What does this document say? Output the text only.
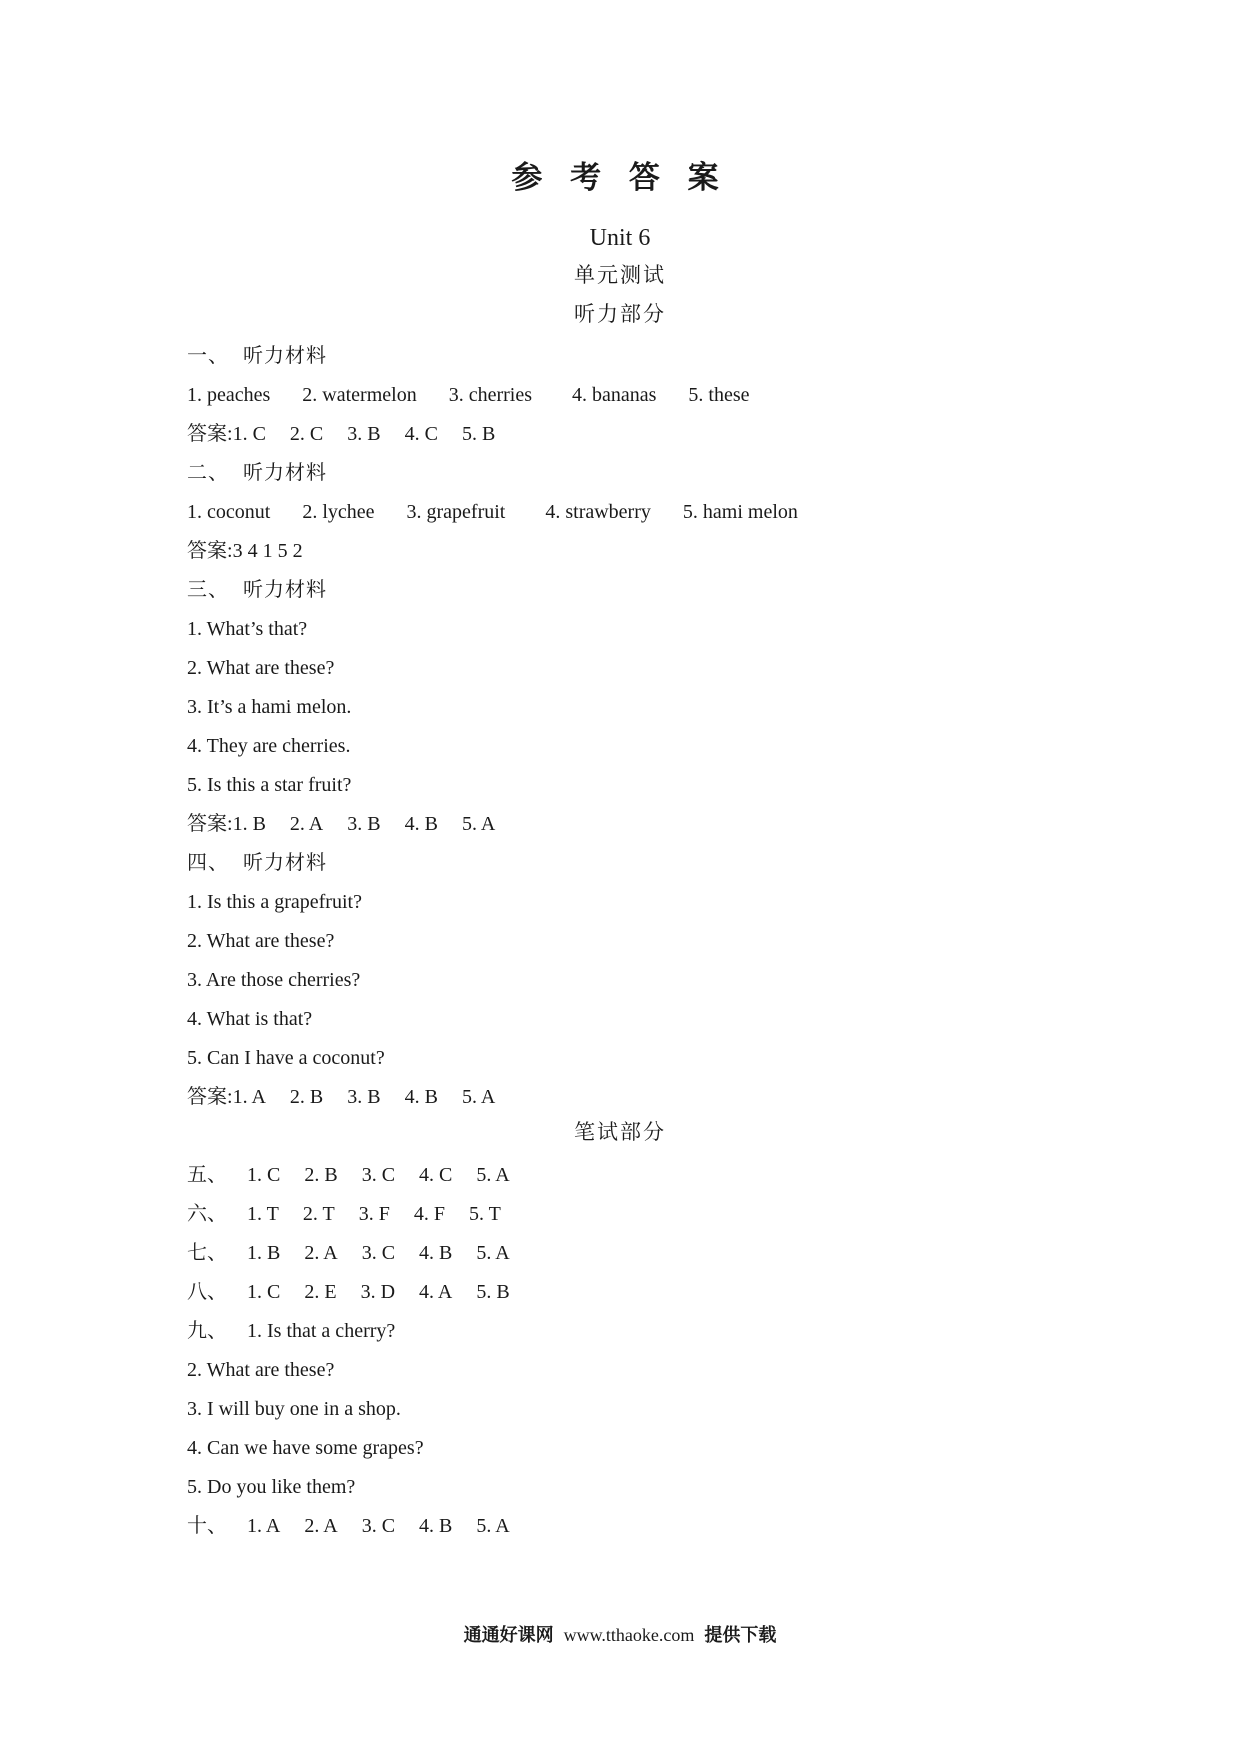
参 考 答 案
Unit 6
单元测试
听力部分
一、 听力材料
1. peaches 2. watermelon 3. cherries 4. bananas 5. these
答案:1. C 2. C 3. B 4. C 5. B
二、 听力材料
1. coconut 2. lychee 3. grapefruit 4. strawberry 5. hami melon
答案:3 4 1 5 2
三、 听力材料
1. What’s that?
2. What are these?
3. It’s a hami melon.
4. They are cherries.
5. Is this a star fruit?
答案:1. B 2. A 3. B 4. B 5. A
四、 听力材料
1. Is this a grapefruit?
2. What are these?
3. Are those cherries?
4. What is that?
5. Can I have a coconut?
答案:1. A 2. B 3. B 4. B 5. A
五、 1. C 2. B 3. C 4. C 5. A
六、 1. T 2. T 3. F 4. F 5. T
七、 1. B 2. A 3. C 4. B 5. A
八、 1. C 2. E 3. D 4. A 5. B
九、 1. Is that a cherry?
2. What are these?
3. I will buy one in a shop.
4. Can we have some grapes?
5. Do you like them?
十、 1. A 2. A 3. C 4. B 5. A
笔试部分
通通好课网 www.tthaoke.com 提供下载
